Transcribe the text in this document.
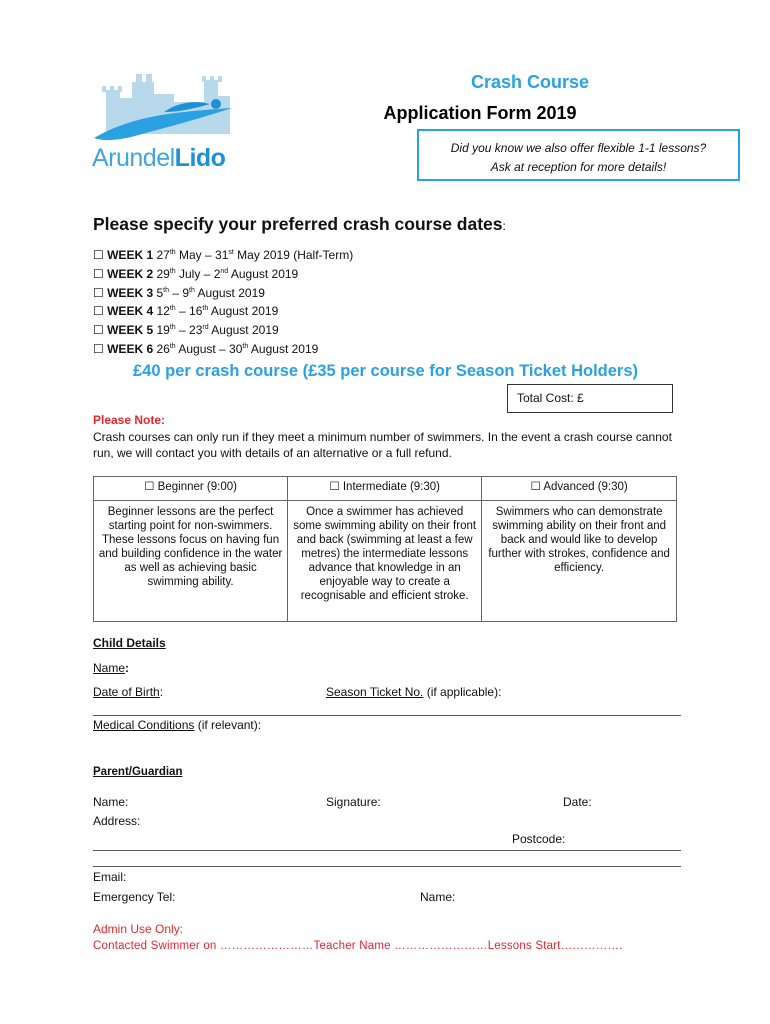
ArundelLido
Crash Course
Application Form 2019
Did you know we also offer flexible 1-1 lessons?
Ask at reception for more details!
Please specify your preferred crash course dates:
☐ WEEK 1 27th May – 31st May 2019 (Half-Term)
☐ WEEK 2 29th July – 2nd August 2019
☐ WEEK 3 5th – 9th August 2019
☐ WEEK 4 12th – 16th August 2019
☐ WEEK 5 19th – 23rd August 2019
☐ WEEK 6 26th August – 30th August 2019
£40 per crash course (£35 per course for Season Ticket Holders)
Total Cost: £
Please Note:
Crash courses can only run if they meet a minimum number of swimmers. In the event a crash course cannot run, we will contact you with details of an alternative or a full refund.
☐ Beginner (9:00)	☐ Intermediate (9:30)	☐ Advanced (9:30)
Beginner lessons are the perfect starting point for non-swimmers. These lessons focus on having fun and building confidence in the water as well as achieving basic swimming ability.	Once a swimmer has achieved some swimming ability on their front and back (swimming at least a few metres) the intermediate lessons advance that knowledge in an enjoyable way to create a recognisable and efficient stroke.	Swimmers who can demonstrate swimming ability on their front and back and would like to develop further with strokes, confidence and efficiency.
Child Details
Name:
Date of Birth:	Season Ticket No. (if applicable):
Medical Conditions (if relevant):
Parent/Guardian
Name:	Signature:	Date:
Address:
Postcode:
Email:
Emergency Tel:	Name:
Admin Use Only:
Contacted Swimmer on ……………………Teacher Name ……………………Lessons Start…………….
